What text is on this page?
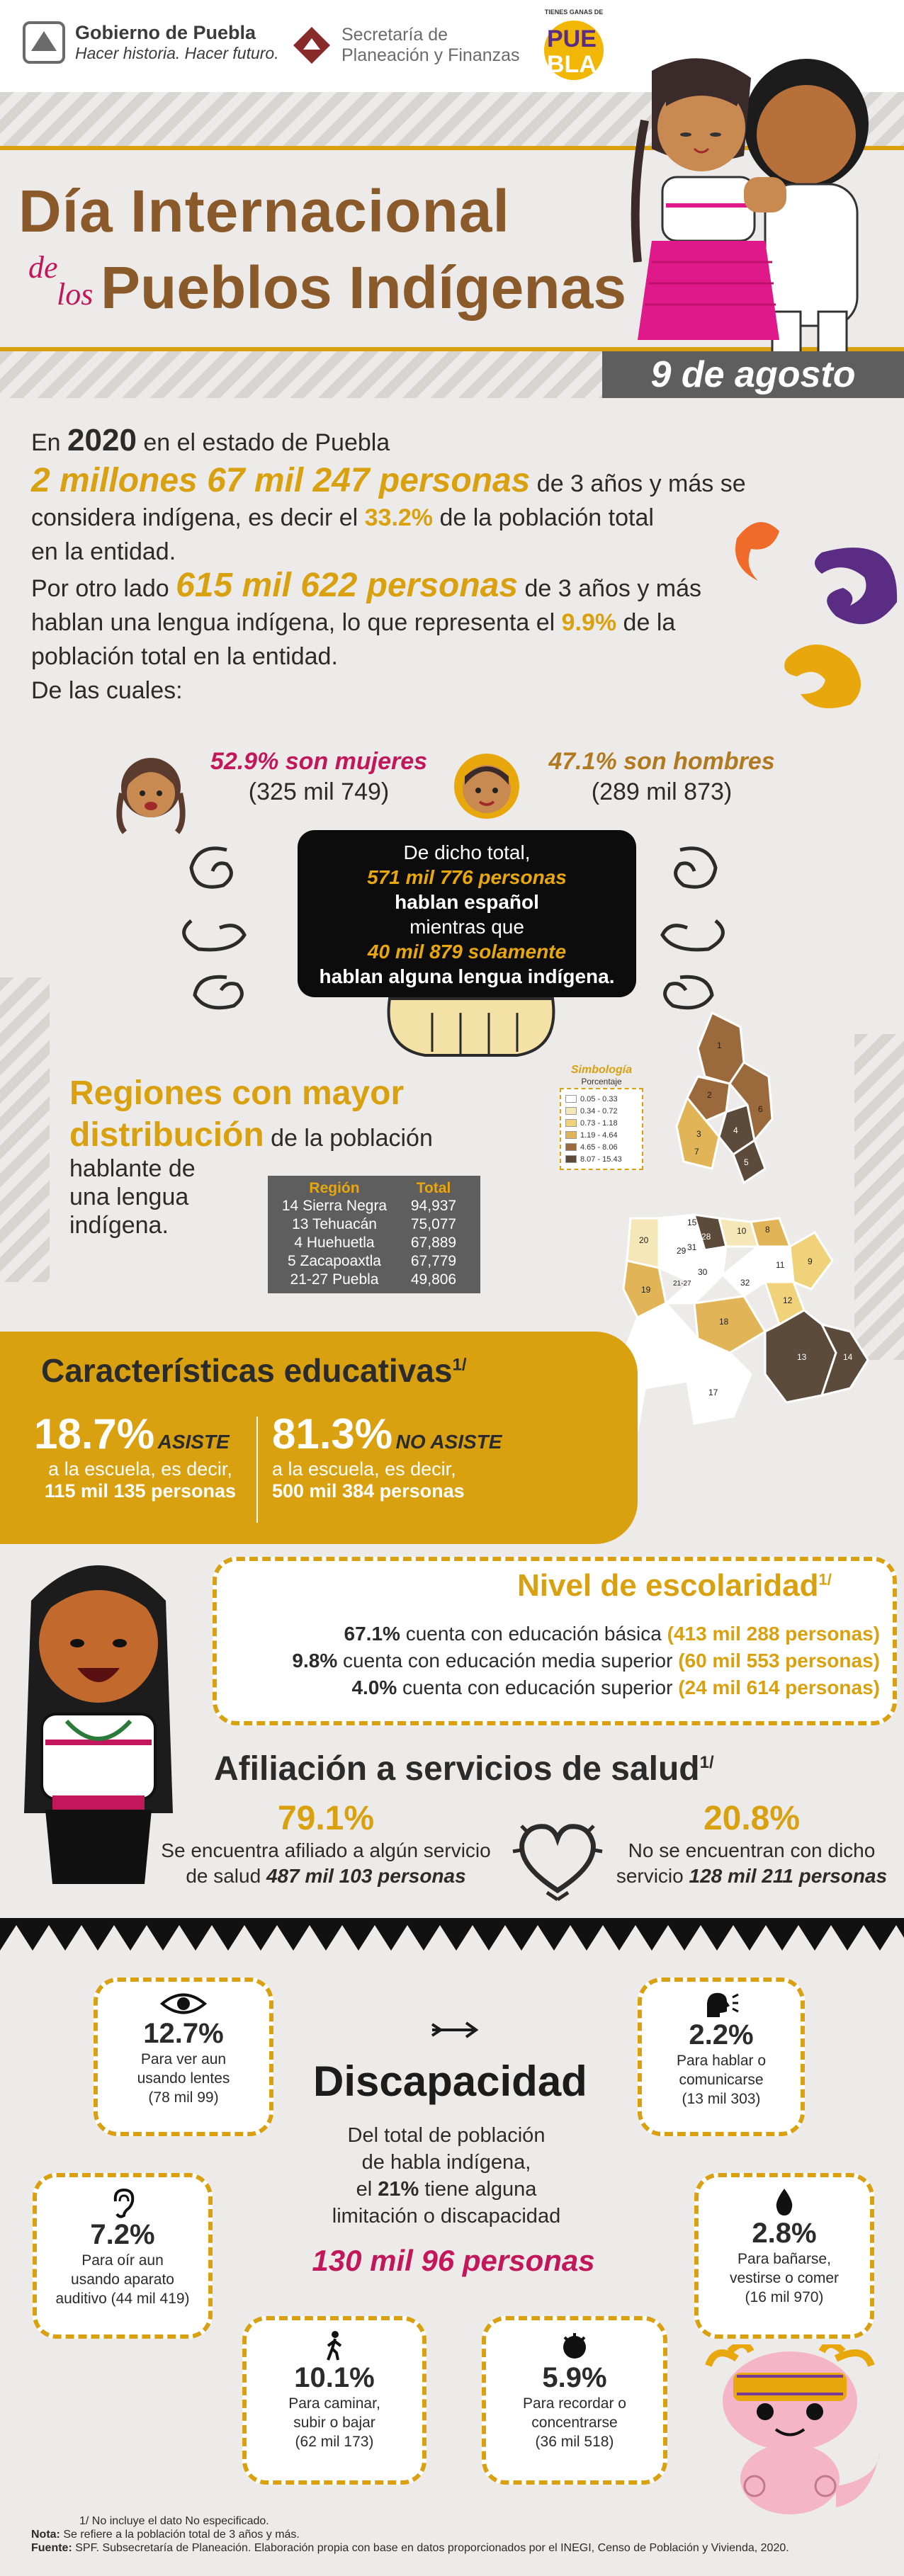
Gobierno de Puebla
Hacer historia. Hacer futuro.
Secretaría de
Planeación y Finanzas
TIENES GANAS DE
PUE
BLA
Día Internacional
de
los Pueblos Indígenas
9 de agosto
En 2020 en el estado de Puebla
2 millones 67 mil 247 personas de 3 años y más se
considera indígena, es decir el 33.2% de la población total
en la entidad.
Por otro lado 615 mil 622 personas de 3 años y más
hablan una lengua indígena, lo que representa el 9.9% de la
población total en la entidad.
De las cuales:
52.9% son mujeres
(325 mil 749)
47.1% son hombres
(289 mil 873)
De dicho total,
571 mil 776 personas
hablan español
mientras que
40 mil 879 solamente
hablan alguna lengua indígena.
Regiones con mayor
distribución de la población
hablante de
una lengua
indígena.
Región	Total
14 Sierra Negra	94,937
13 Tehuacán	75,077
4 Huehuetla	67,889
5 Zacapoaxtla	67,779
21-27 Puebla	49,806
Simbología
Porcentaje
0.05 - 0.33
0.34 - 0.72
0.73 - 1.18
1.19 - 4.64
4.65 - 8.06
8.07 - 15.43
1
2
3	4
5
6
7
8
9
10
11
12
13	14
15
17
18
19
20
21-27
28
29
30
31
32
Características educativas$^{1/}$
18.7% ASISTE
a la escuela, es decir,
115 mil 135 personas
81.3% NO ASISTE
a la escuela, es decir,
500 mil 384 personas
Nivel de escolaridad$^{1/}$
67.1% cuenta con educación básica (413 mil 288 personas)
9.8% cuenta con educación media superior (60 mil 553 personas)
4.0% cuenta con educación superior (24 mil 614 personas)
Afiliación a servicios de salud$^{1/}$
79.1%
Se encuentra afiliado a algún servicio
de salud 487 mil 103 personas
20.8%
No se encuentran con dicho
servicio 128 mil 211 personas
Discapacidad
Del total de población
de habla indígena,
el 21% tiene alguna
limitación o discapacidad
130 mil 96 personas
12.7%
Para ver aun
usando lentes
(78 mil 99)
2.2%
Para hablar o
comunicarse
(13 mil 303)
7.2%
Para oír aun
usando aparato
auditivo (44 mil 419)
2.8%
Para bañarse,
vestirse o comer
(16 mil 970)
10.1%
Para caminar,
subir o bajar
(62 mil 173)
5.9%
Para recordar o
concentrarse
(36 mil 518)
1/ No incluye el dato No especificado.
Nota: Se refiere a la población total de 3 años y más.
Fuente: SPF. Subsecretaría de Planeación. Elaboración propia con base en datos proporcionados por el INEGI, Censo de Población y Vivienda, 2020.
